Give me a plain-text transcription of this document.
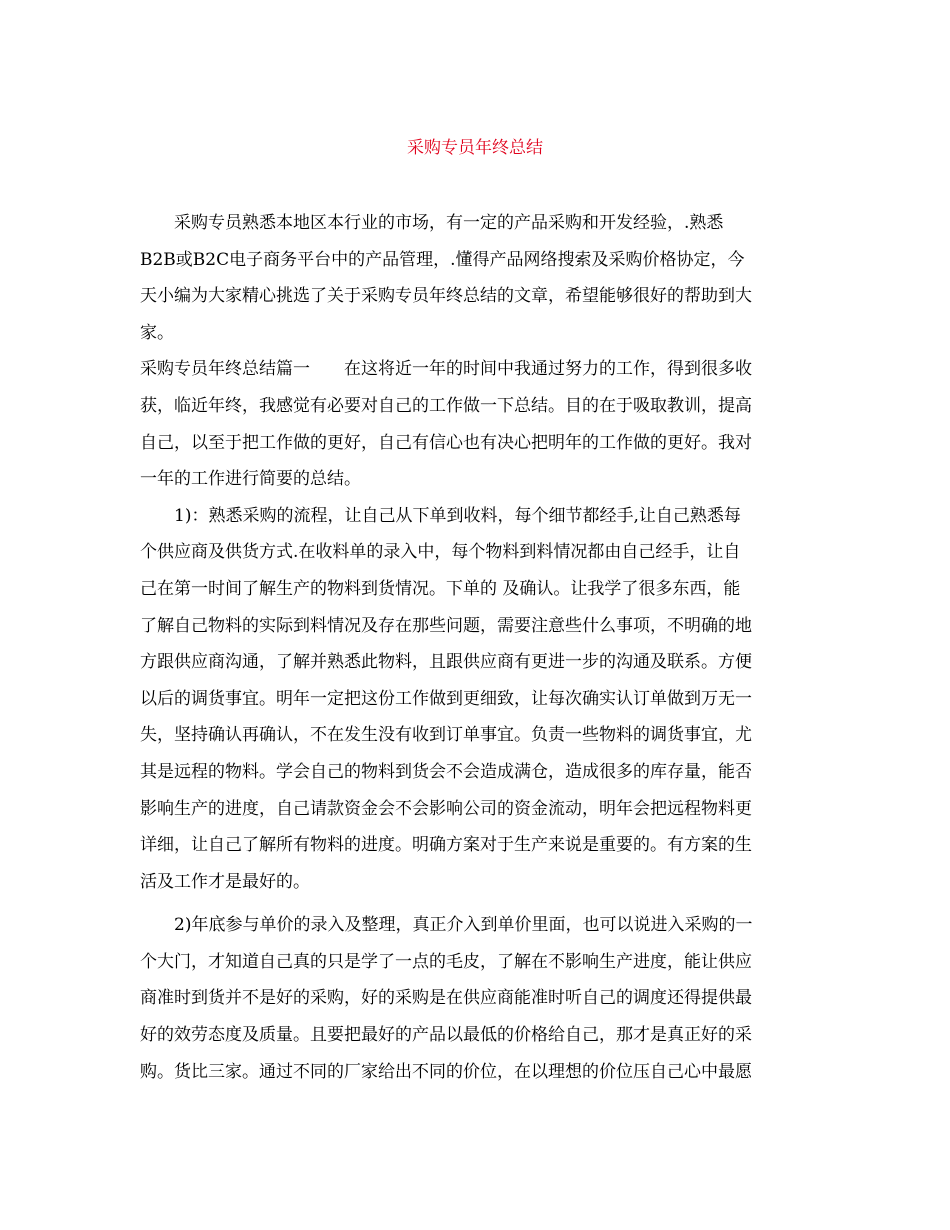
采购专员年终总结
　　采购专员熟悉本地区本行业的市场，有一定的产品采购和开发经验，.熟悉
B2B或B2C电子商务平台中的产品管理，.懂得产品网络搜索及采购价格协定，今
天小编为大家精心挑选了关于采购专员年终总结的文章，希望能够很好的帮助到大
家。
采购专员年终总结篇一　　在这将近一年的时间中我通过努力的工作，得到很多收
获，临近年终，我感觉有必要对自己的工作做一下总结。目的在于吸取教训，提高
自己，以至于把工作做的更好，自己有信心也有决心把明年的工作做的更好。我对
一年的工作进行简要的总结。
　　1)：熟悉采购的流程，让自己从下单到收料，每个细节都经手,让自己熟悉每
个供应商及供货方式.在收料单的录入中，每个物料到料情况都由自己经手，让自
己在第一时间了解生产的物料到货情况。下单的 及确认。让我学了很多东西，能
了解自己物料的实际到料情况及存在那些问题，需要注意些什么事项，不明确的地
方跟供应商沟通，了解并熟悉此物料，且跟供应商有更进一步的沟通及联系。方便
以后的调货事宜。明年一定把这份工作做到更细致，让每次确实认订单做到万无一
失，坚持确认再确认，不在发生没有收到订单事宜。负责一些物料的调货事宜，尤
其是远程的物料。学会自己的物料到货会不会造成满仓，造成很多的库存量，能否
影响生产的进度，自己请款资金会不会影响公司的资金流动，明年会把远程物料更
详细，让自己了解所有物料的进度。明确方案对于生产来说是重要的。有方案的生
活及工作才是最好的。
　　2)年底参与单价的录入及整理，真正介入到单价里面，也可以说进入采购的一
个大门，才知道自己真的只是学了一点的毛皮，了解在不影响生产进度，能让供应
商准时到货并不是好的采购，好的采购是在供应商能准时听自己的调度还得提供最
好的效劳态度及质量。且要把最好的产品以最低的价格给自己，那才是真正好的采
购。货比三家。通过不同的厂家给出不同的价位，在以理想的价位压自己心中最愿
